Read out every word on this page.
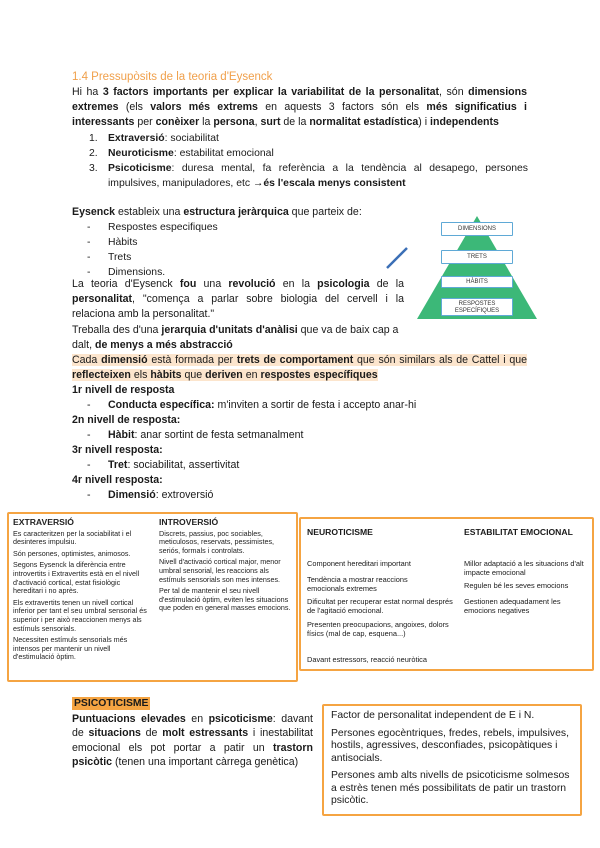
1.4 Pressupòsits de la teoria d'Eysenck
Hi ha 3 factors importants per explicar la variabilitat de la personalitat, són dimensions extremes (els valors més extrems en aquests 3 factors són els més significatius i interessants per conèixer la persona, surt de la normalitat estadística) i independents
1. Extraversió: sociabilitat
2. Neuroticisme: estabilitat emocional
3. Psicoticisme: duresa mental, fa referència a la tendència al desapego, persones impulsives, manipuladores, etc →és l'escala menys consistent
Eysenck estableix una estructura jeràrquica que parteix de:
- Respostes especifiques
- Hàbits
- Trets
- Dimensions.
DIMENSIONS
TRETS
HÀBITS
RESPOSTES ESPECÍFIQUES
La teoria d'Eysenck fou una revolució en la psicologia de la personalitat, "comença a parlar sobre biologia del cervell i la relaciona amb la personalitat."
Treballa des d'una jerarquia d'unitats d'anàlisi que va de baix cap a dalt, de menys a més abstracció
Cada dimensió està formada per trets de comportament que són similars als de Cattel i que reflecteixen els hàbits que deriven en respostes específiques
1r nivell de resposta
- Conducta específica: m'inviten a sortir de festa i accepto anar-hi
2n nivell de resposta:
- Hàbit: anar sortint de festa setmanalment
3r nivell resposta:
- Tret: sociabilitat, assertivitat
4r nivell resposta:
- Dimensió: extroversió
EXTRAVERSIÓ

Es caracteritzen per la sociabilitat i el desinteres impulsiu.

Són persones, optimistes, animosos.

Segons Eysenck la diferència entre introvertits i Extravertits està en el nivell d'activació cortical, estat fisiològic hereditari i no après.

Els extravertits tenen un nivell cortical inferior per tant el seu umbral sensorial és superior i per això reaccionen menys als estímuls sensorials.

Necessiten estímuls sensorials més intensos per mantenir un nivell d'estimulació òptim.

INTROVERSIÓ

Discrets, passius, poc sociables, meticulosos, reservats, pessimistes, seriós, formals i controlats.

Nivell d'activació cortical major, menor umbral sensorial, les reaccions als estímuls sensorials son mes intenses.

Per tal de mantenir el seu nivell d'estimulació òptim, eviten les situacions que poden en general masses emocions.

NEUROTICISME	ESTABILITAT EMOCIONAL
Component hereditari important
Tendència a mostrar reaccions emocionals extremes
Dificultat per recuperar estat normal després de l'agitació emocional.
Presenten preocupacions, angoixes, dolors físics (mal de cap, esquena...)
Davant estressors, reacció neuròtica
Millor adaptació a les situacions d'alt impacte emocional
Regulen bé les seves emocions
Gestionen adequadament les emocions negatives
PSICOTICISME
Puntuacions elevades en psicoticisme: davant de situacions de molt estressants i inestabilitat emocional els pot portar a patir un trastorn psicòtic (tenen una important càrrega genètica)
Factor de personalitat independent de E i N.
Persones egocèntriques, fredes, rebels, impulsives, hostils, agressives, desconfiades, psicopàtiques i antisocials.
Persones amb alts nivells de psicoticisme solmesos a estrès tenen més possibilitats de patir un trastorn psicòtic.
